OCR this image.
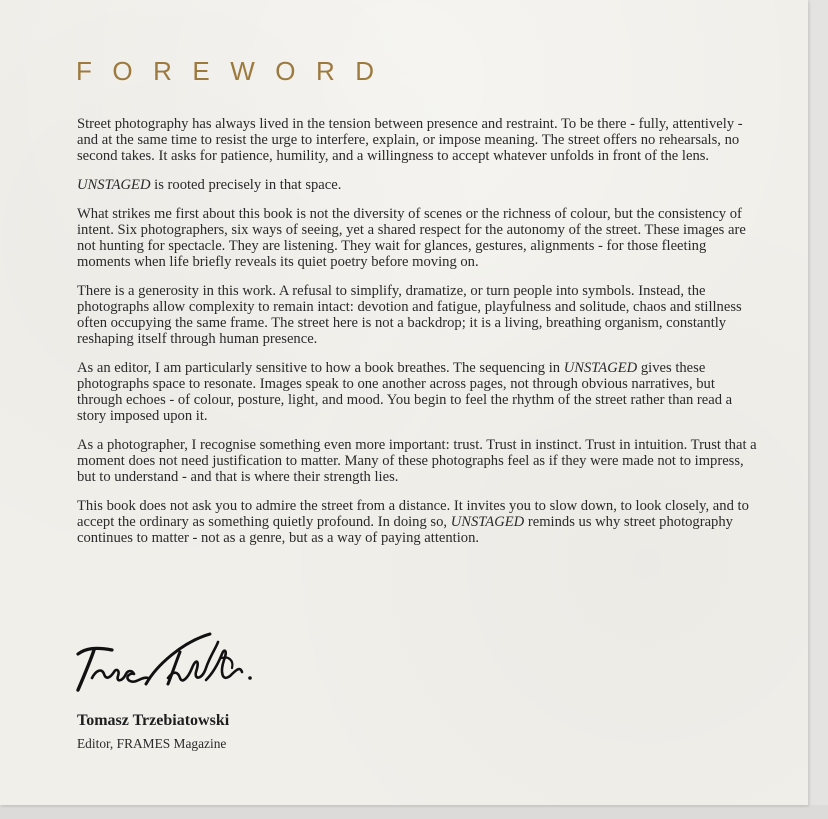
FOREWORD

Street photography has always lived in the tension between presence and restraint. To be there - fully, attentively - and at the same time to resist the urge to interfere, explain, or impose meaning. The street offers no rehearsals, no second takes. It asks for patience, humility, and a willingness to accept whatever unfolds in front of the lens.

UNSTAGED is rooted precisely in that space.

What strikes me first about this book is not the diversity of scenes or the richness of colour, but the consistency of intent. Six photographers, six ways of seeing, yet a shared respect for the autonomy of the street. These images are not hunting for spectacle. They are listening. They wait for glances, gestures, alignments - for those fleeting moments when life briefly reveals its quiet poetry before moving on.

There is a generosity in this work. A refusal to simplify, dramatize, or turn people into symbols. Instead, the photographs allow complexity to remain intact: devotion and fatigue, playfulness and solitude, chaos and stillness often occupying the same frame. The street here is not a backdrop; it is a living, breathing organism, constantly reshaping itself through human presence.

As an editor, I am particularly sensitive to how a book breathes. The sequencing in UNSTAGED gives these photographs space to resonate. Images speak to one another across pages, not through obvious narratives, but through echoes - of colour, posture, light, and mood. You begin to feel the rhythm of the street rather than read a story imposed upon it.

As a photographer, I recognise something even more important: trust. Trust in instinct. Trust in intuition. Trust that a moment does not need justification to matter. Many of these photographs feel as if they were made not to impress, but to understand - and that is where their strength lies.

This book does not ask you to admire the street from a distance. It invites you to slow down, to look closely, and to accept the ordinary as something quietly profound. In doing so, UNSTAGED reminds us why street photography continues to matter - not as a genre, but as a way of paying attention.

Tomasz Trzebiatowski

Editor, FRAMES Magazine
